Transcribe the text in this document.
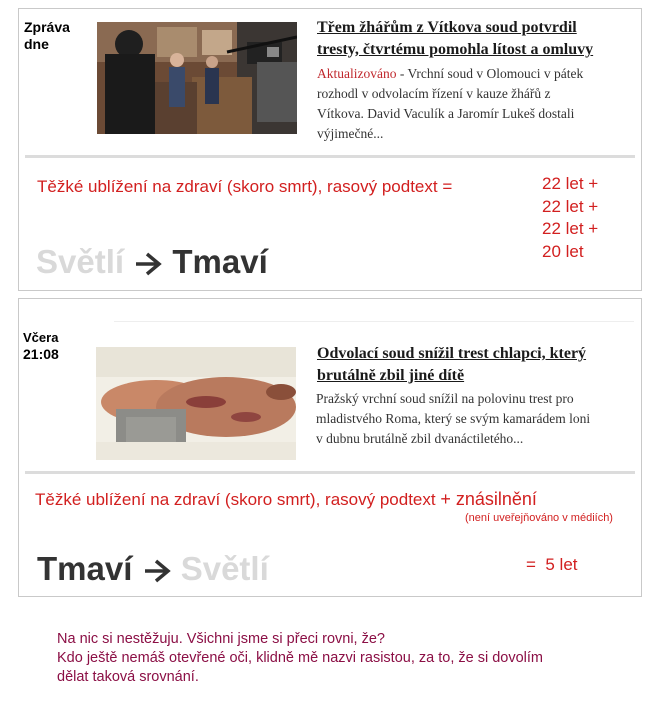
Zpráva
dne
Třem žhářům z Vítkova soud potvrdil
tresty, čtvrtému pomohla lítost a omluvy
Aktualizováno - Vrchní soud v Olomouci v pátek
rozhodl v odvolacím řízení v kauze žhářů z
Vítkova. David Vaculík a Jaromír Lukeš dostali
výjimečné...
Těžké ublížení na zdraví (skoro smrt), rasový podtext =	22 let +
22 let +
22 let +
20 let
Světlí Tmaví
Včera
21:08	Odvolací soud snížil trest chlapci, který
brutálně zbil jiné dítě
Pražský vrchní soud snížil na polovinu trest pro
mladistvého Roma, který se svým kamarádem loni
v dubnu brutálně zbil dvanáctiletého...
Těžké ublížení na zdraví (skoro smrt), rasový podtext + znásilnění
(není uveřejňováno v médiích)
Tmaví Světlí	=  5 let
Na nic si nestěžuju. Všichni jsme si přeci rovni, že?
Kdo ještě nemáš otevřené oči, klidně mě nazvi rasistou, za to, že si dovolím
dělat taková srovnání.
